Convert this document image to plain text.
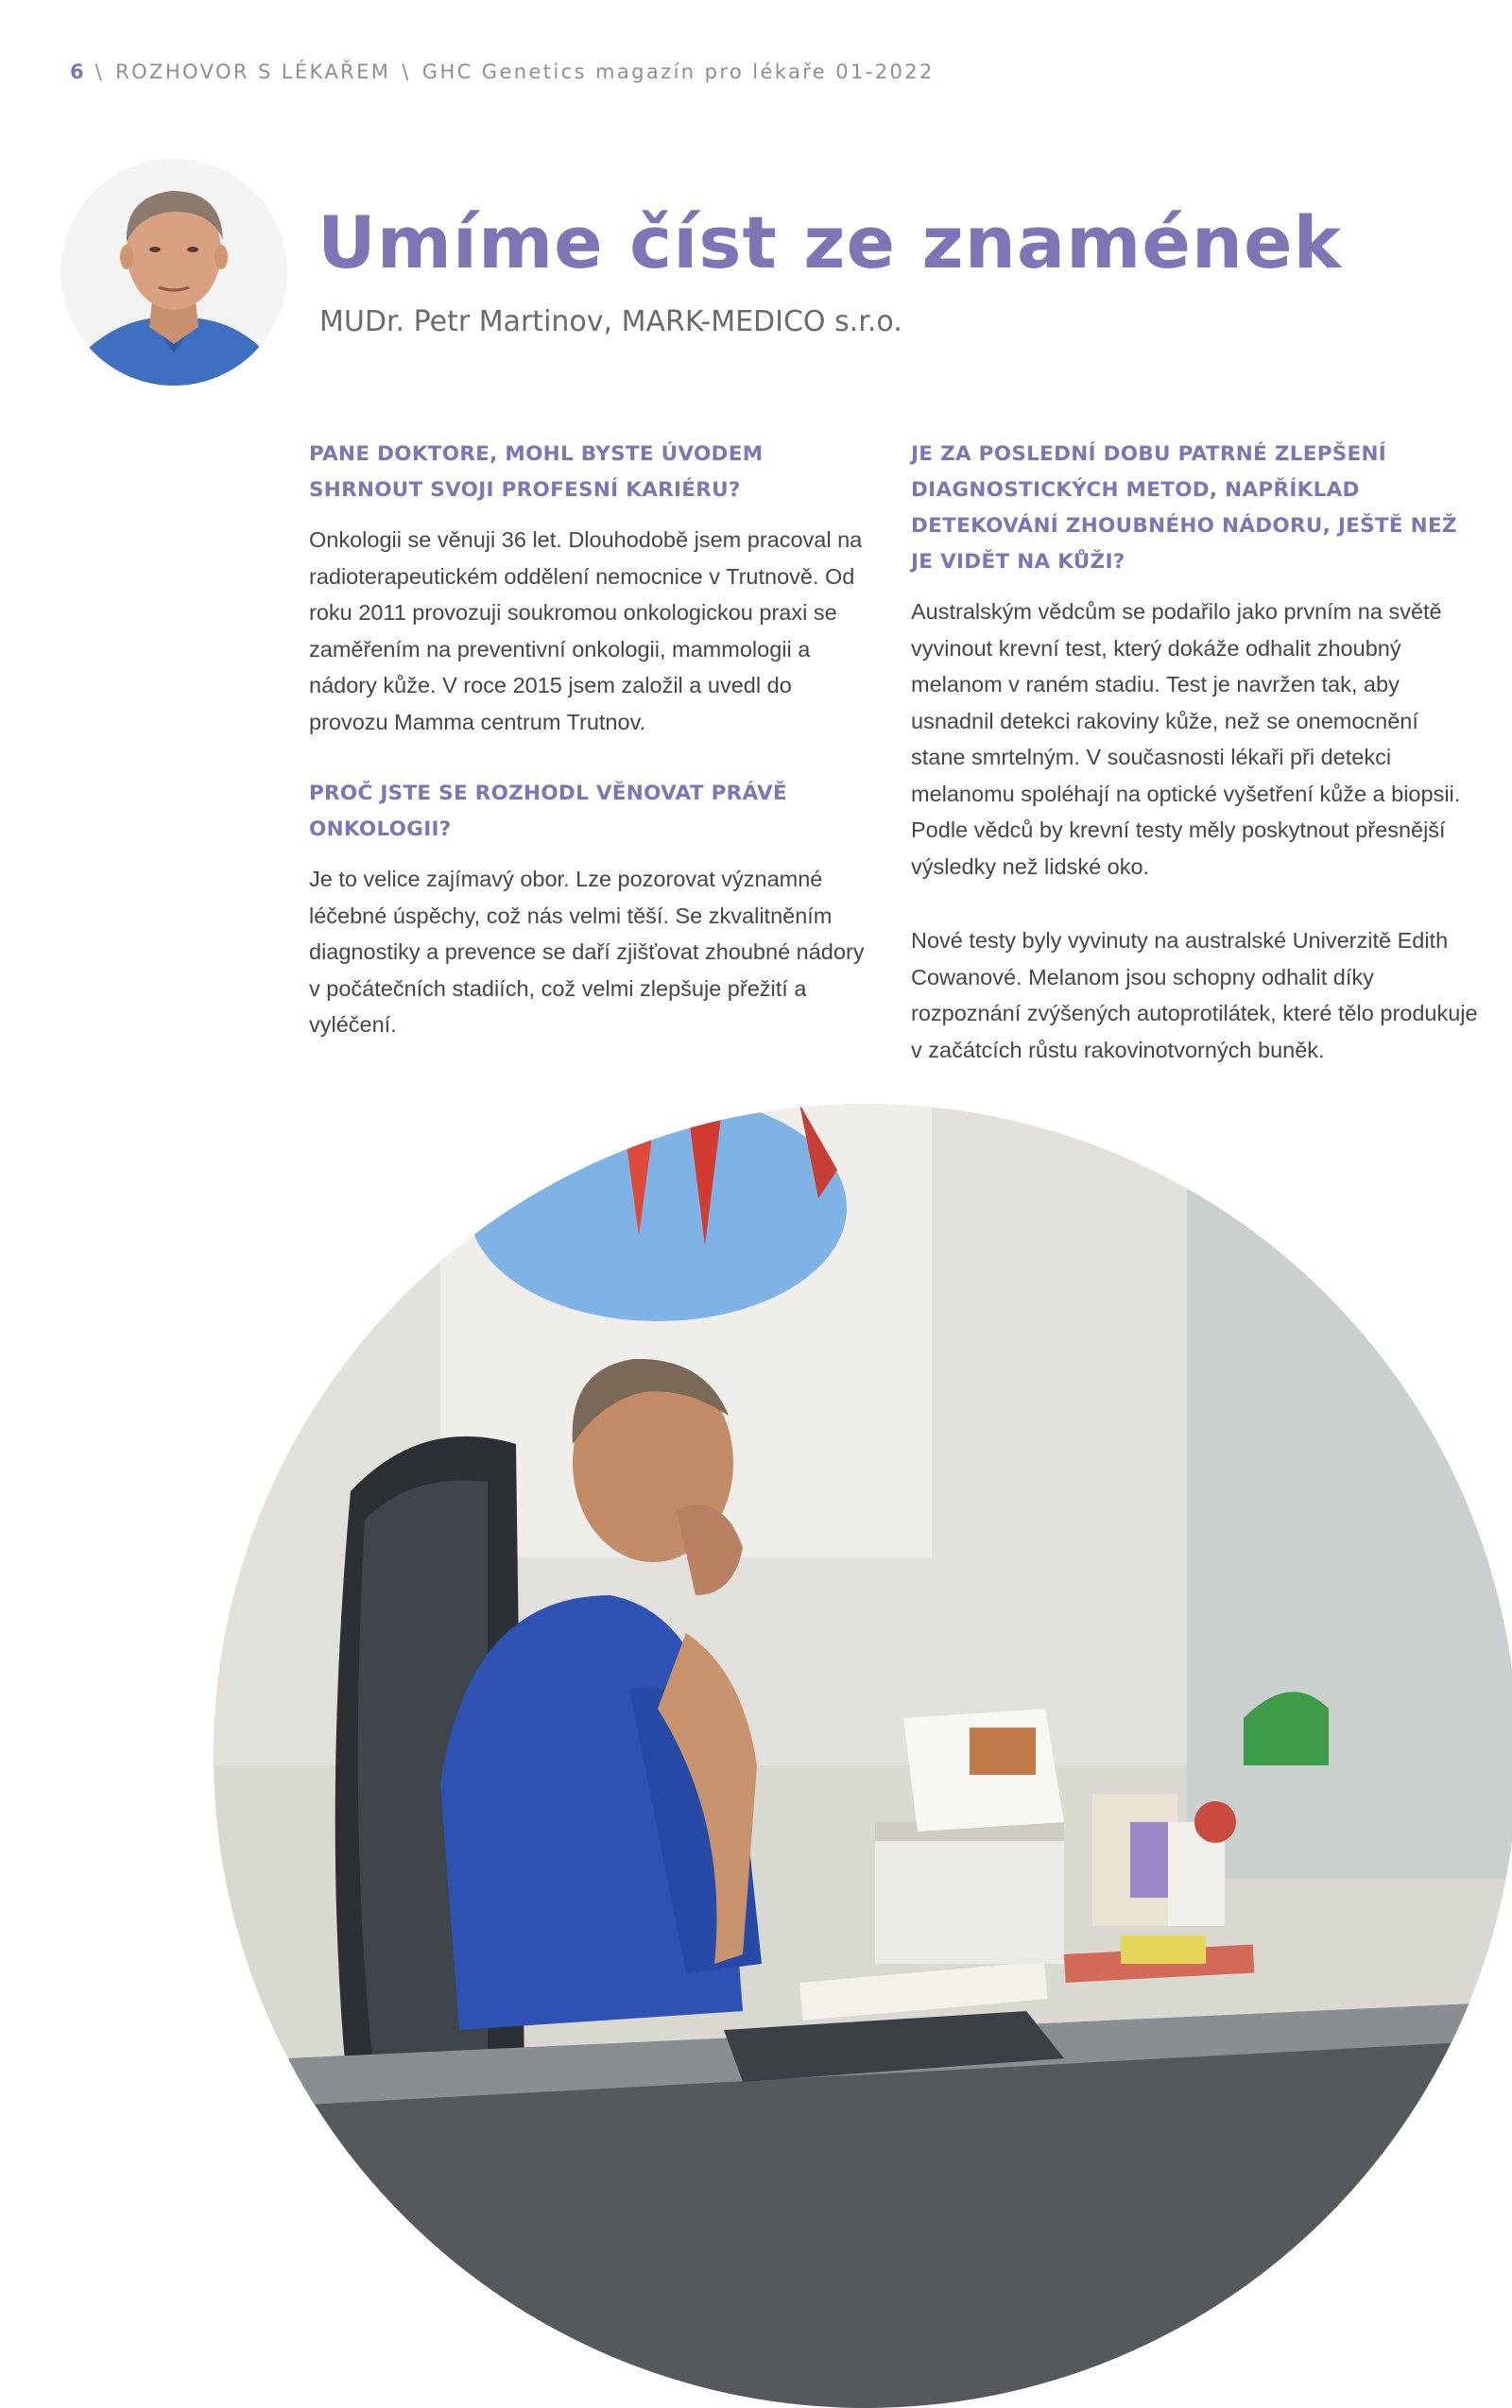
6 \ ROZHOVOR S LÉKAŘEM \ GHC Genetics magazín pro lékaře 01-2022
Umíme číst ze znamének
MUDr. Petr Martinov, MARK-MEDICO s.r.o.
PANE DOKTORE, MOHL BYSTE ÚVODEM SHRNOUT SVOJI PROFESNÍ KARIÉRU?

Onkologii se věnuji 36 let. Dlouhodobě jsem pracoval na radioterapeutickém oddělení nemocnice v Trutnově. Od roku 2011 provozuji soukromou onkologickou praxi se zaměřením na preventivní onkologii, mammologii a nádory kůže. V roce 2015 jsem založil a uvedl do provozu Mamma centrum Trutnov.

PROČ JSTE SE ROZHODL VĚNOVAT PRÁVĚ ONKOLOGII?

Je to velice zajímavý obor. Lze pozorovat významné léčebné úspěchy, což nás velmi těší. Se zkvalitněním diagnostiky a prevence se daří zjišťovat zhoubné nádory v počátečních stadiích, což velmi zlepšuje přežití a vyléčení.

JE ZA POSLEDNÍ DOBU PATRNÉ ZLEPŠENÍ DIAGNOSTICKÝCH METOD, NAPŘÍKLAD DETEKOVÁNÍ ZHOUBNÉHO NÁDORU, JEŠTĚ NEŽ JE VIDĚT NA KŮŽI?

Australským vědcům se podařilo jako prvním na světě vyvinout krevní test, který dokáže odhalit zhoubný melanom v raném stadiu. Test je navržen tak, aby usnadnil detekci rakoviny kůže, než se onemocnění stane smrtelným. V současnosti lékaři při detekci melanomu spoléhají na optické vyšetření kůže a biopsii. Podle vědců by krevní testy měly poskytnout přesnější výsledky než lidské oko.

Nové testy byly vyvinuty na australské Univerzitě Edith Cowanové. Melanom jsou schopny odhalit díky rozpoznání zvýšených autoprotilátek, které tělo produkuje v začátcích růstu rakovinotvorných buněk.
